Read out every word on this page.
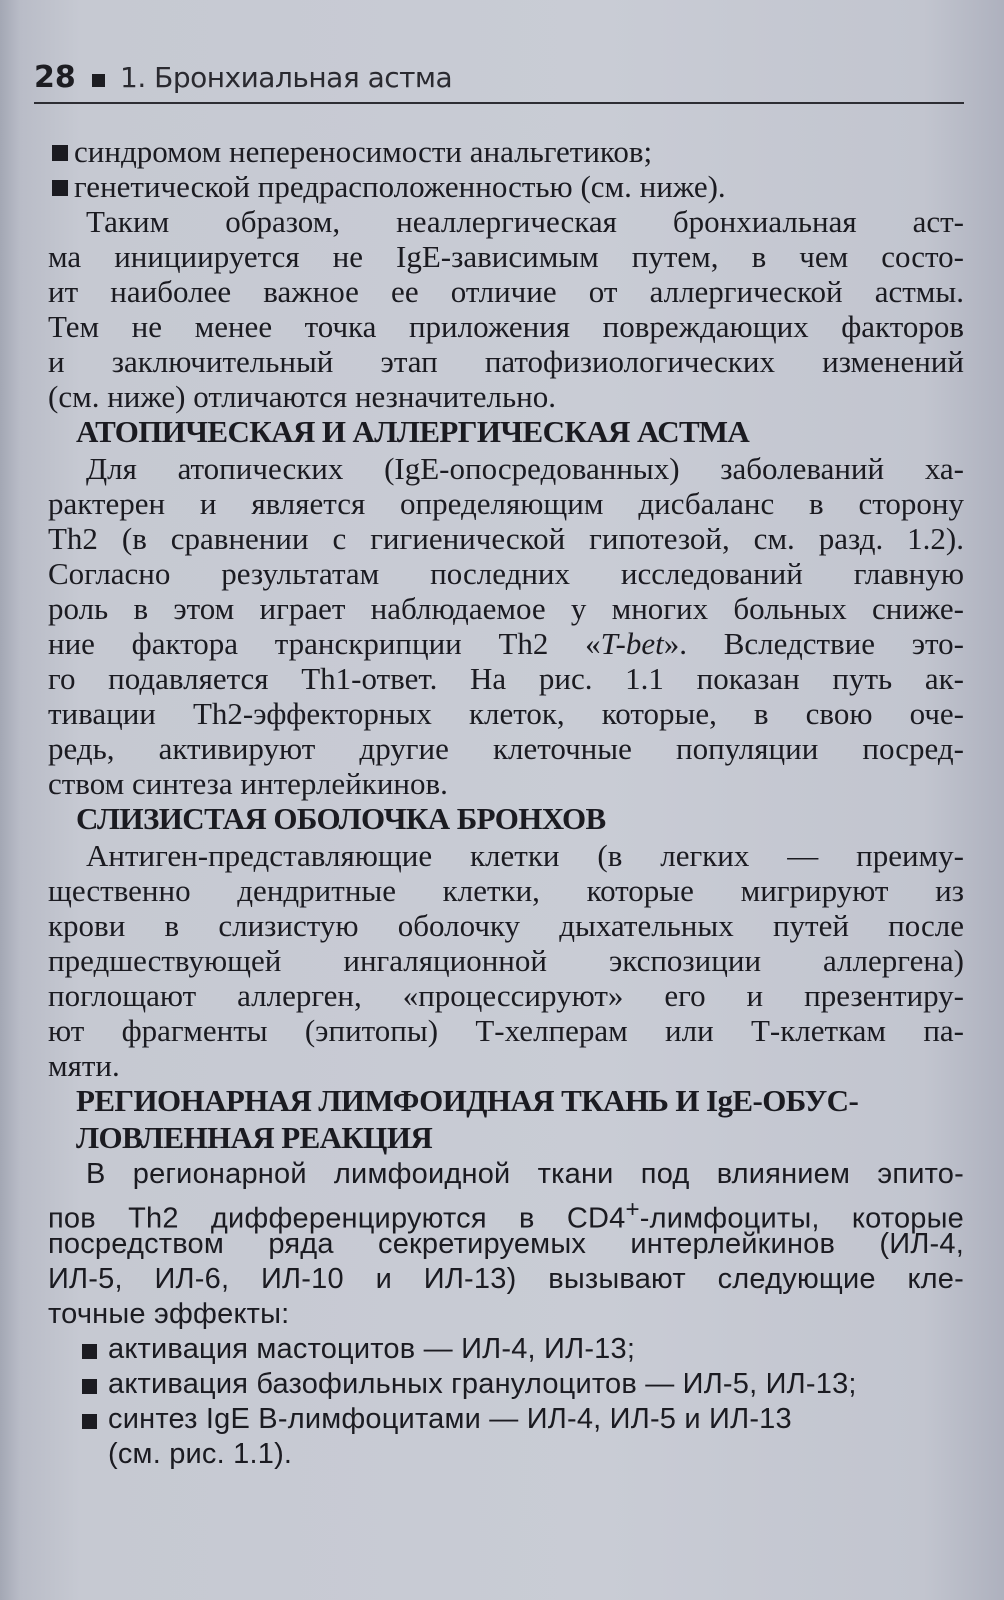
28 1. Бронхиальная астма
синдромом непереносимости анальгетиков;
генетической предрасположенностью (см. ниже).
Таким образом, неаллергическая бронхиальная аст-
ма инициируется не IgE-зависимым путем, в чем состо-
ит наиболее важное ее отличие от аллергической астмы.
Тем не менее точка приложения повреждающих факторов
и заключительный этап патофизиологических изменений
(см. ниже) отличаются незначительно.
АТОПИЧЕСКАЯ И АЛЛЕРГИЧЕСКАЯ АСТМА
Для атопических (IgE-опосредованных) заболеваний ха-
рактерен и является определяющим дисбаланс в сторону
Th2 (в сравнении с гигиенической гипотезой, см. разд. 1.2).
Согласно результатам последних исследований главную
роль в этом играет наблюдаемое у многих больных сниже-
ние фактора транскрипции Th2 «T-bet». Вследствие это-
го подавляется Th1-ответ. На рис. 1.1 показан путь ак-
тивации Th2-эффекторных клеток, которые, в свою оче-
редь, активируют другие клеточные популяции посред-
ством синтеза интерлейкинов.
СЛИЗИСТАЯ ОБОЛОЧКА БРОНХОВ
Антиген-представляющие клетки (в легких — преиму-
щественно дендритные клетки, которые мигрируют из
крови в слизистую оболочку дыхательных путей после
предшествующей ингаляционной экспозиции аллергена)
поглощают аллерген, «процессируют» его и презентиру-
ют фрагменты (эпитопы) Т-хелперам или Т-клеткам па-
мяти.
РЕГИОНАРНАЯ ЛИМФОИДНАЯ ТКАНЬ И IgE-ОБУС-
ЛОВЛЕННАЯ РЕАКЦИЯ
В регионарной лимфоидной ткани под влиянием эпито-
пов Th2 дифференцируются в CD4+-лимфоциты, которые
посредством ряда секретируемых интерлейкинов (ИЛ-4,
ИЛ-5, ИЛ-6, ИЛ-10 и ИЛ-13) вызывают следующие кле-
точные эффекты:
активация мастоцитов — ИЛ-4, ИЛ-13;
активация базофильных гранулоцитов — ИЛ-5, ИЛ-13;
синтез IgE В-лимфоцитами — ИЛ-4, ИЛ-5 и ИЛ-13
(см. рис. 1.1).
